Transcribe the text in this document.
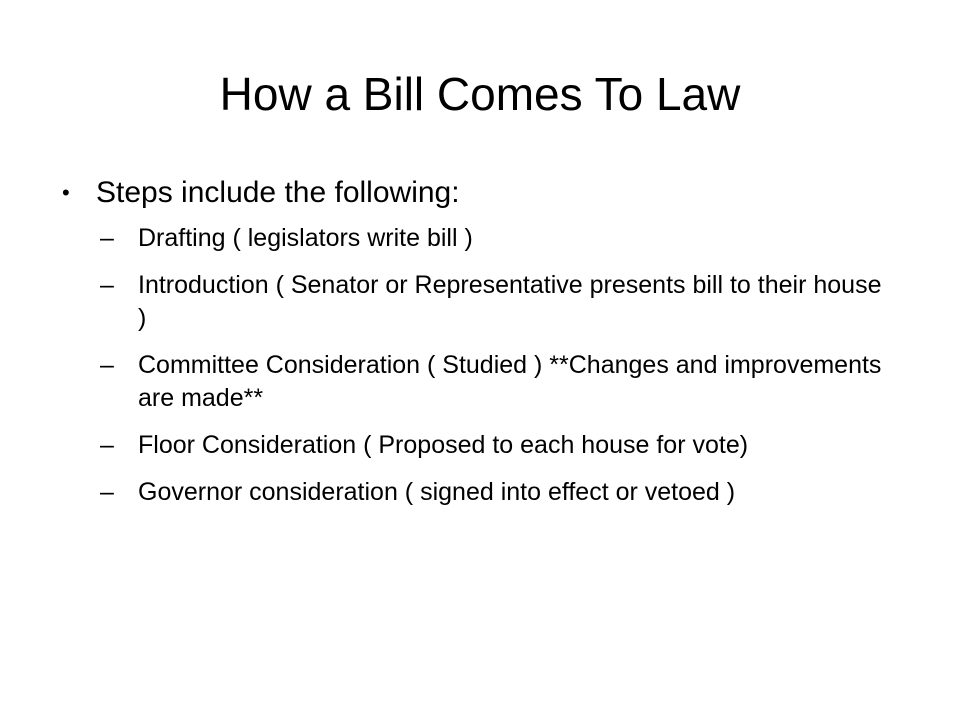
How a Bill Comes To Law
• Steps include the following:
– Drafting ( legislators write bill )
– Introduction ( Senator or Representative presents bill to their house )
– Committee Consideration ( Studied ) **Changes and improvements are made**
– Floor Consideration ( Proposed to each house for vote)
– Governor consideration ( signed into effect or vetoed )
